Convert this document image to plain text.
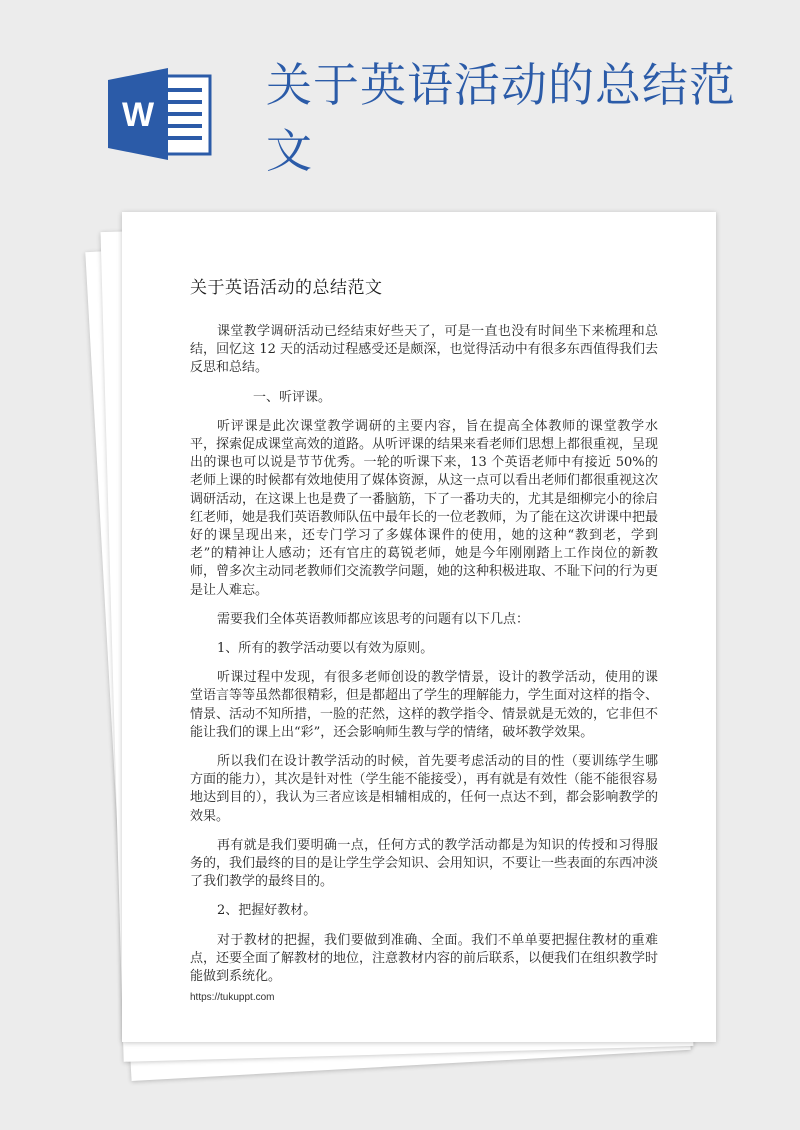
W
关于英语活动的总结范文
关于英语活动的总结范文

课堂教学调研活动已经结束好些天了，可是一直也没有时间坐下来梳理和总结，回忆这 12 天的活动过程感受还是颇深，也觉得活动中有很多东西值得我们去反思和总结。

一、听评课。

听评课是此次课堂教学调研的主要内容，旨在提高全体教师的课堂教学水平，探索促成课堂高效的道路。从听评课的结果来看老师们思想上都很重视，呈现出的课也可以说是节节优秀。一轮的听课下来，13 个英语老师中有接近 50%的老师上课的时候都有效地使用了媒体资源，从这一点可以看出老师们都很重视这次调研活动，在这课上也是费了一番脑筋，下了一番功夫的，尤其是细柳完小的徐启红老师，她是我们英语教师队伍中最年长的一位老教师，为了能在这次讲课中把最好的课呈现出来，还专门学习了多媒体课件的使用，她的这种“教到老，学到老”的精神让人感动；还有官庄的葛锐老师，她是今年刚刚踏上工作岗位的新教师，曾多次主动同老教师们交流教学问题，她的这种积极进取、不耻下问的行为更是让人难忘。

需要我们全体英语教师都应该思考的问题有以下几点：

1、所有的教学活动要以有效为原则。

听课过程中发现，有很多老师创设的教学情景，设计的教学活动，使用的课堂语言等等虽然都很精彩，但是都超出了学生的理解能力，学生面对这样的指令、情景、活动不知所措，一脸的茫然，这样的教学指令、情景就是无效的，它非但不能让我们的课上出“彩”，还会影响师生教与学的情绪，破坏教学效果。

所以我们在设计教学活动的时候，首先要考虑活动的目的性（要训练学生哪方面的能力），其次是针对性（学生能不能接受），再有就是有效性（能不能很容易地达到目的），我认为三者应该是相辅相成的，任何一点达不到，都会影响教学的效果。

再有就是我们要明确一点，任何方式的教学活动都是为知识的传授和习得服务的，我们最终的目的是让学生学会知识、会用知识，不要让一些表面的东西冲淡了我们教学的最终目的。

2、把握好教材。

对于教材的把握，我们要做到准确、全面。我们不单单要把握住教材的重难点，还要全面了解教材的地位，注意教材内容的前后联系，以便我们在组织教学时能做到系统化。

https://tukuppt.com
